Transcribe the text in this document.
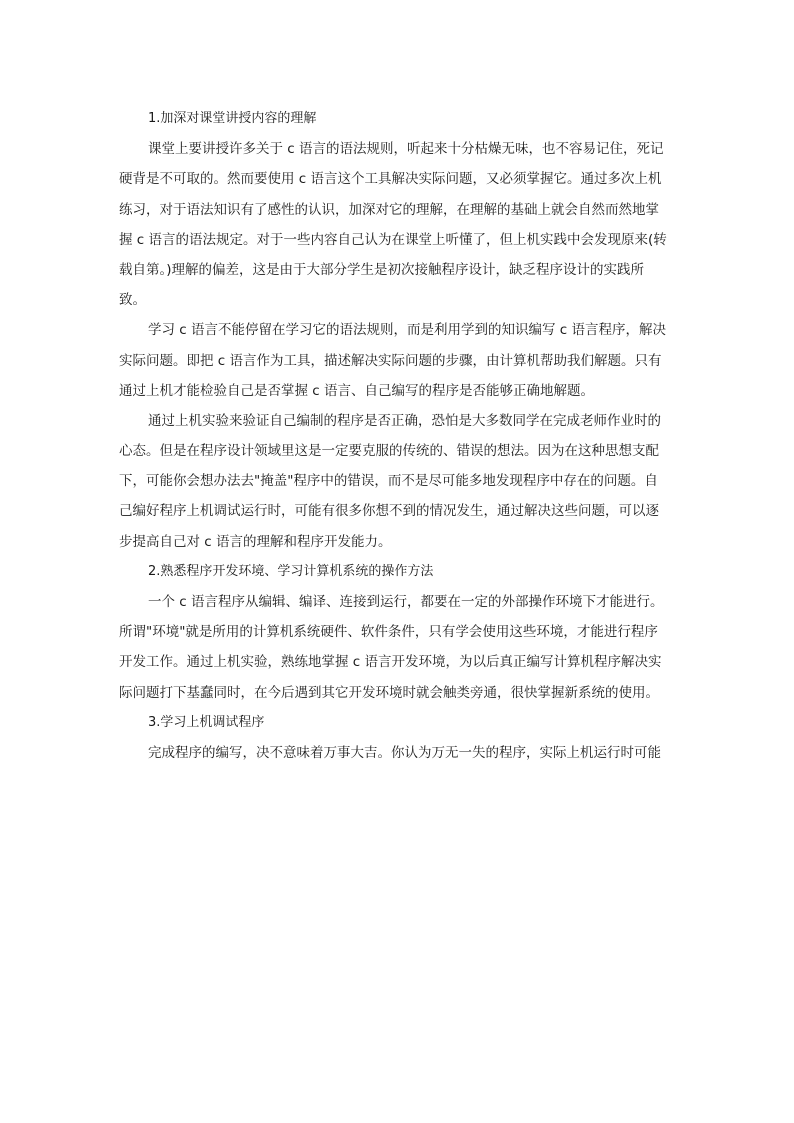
1.加深对课堂讲授内容的理解
课堂上要讲授许多关于 c 语言的语法规则，听起来十分枯燥无味，也不容易记住，死记
硬背是不可取的。然而要使用 c 语言这个工具解决实际问题，又必须掌握它。通过多次上机
练习，对于语法知识有了感性的认识，加深对它的理解，在理解的基础上就会自然而然地掌
握 c 语言的语法规定。对于一些内容自己认为在课堂上听懂了，但上机实践中会发现原来(转
载自第。)理解的偏差，这是由于大部分学生是初次接触程序设计，缺乏程序设计的实践所
致。
学习 c 语言不能停留在学习它的语法规则，而是利用学到的知识编写 c 语言程序，解决
实际问题。即把 c 语言作为工具，描述解决实际问题的步骤，由计算机帮助我们解题。只有
通过上机才能检验自己是否掌握 c 语言、自己编写的程序是否能够正确地解题。
通过上机实验来验证自己编制的程序是否正确，恐怕是大多数同学在完成老师作业时的
心态。但是在程序设计领域里这是一定要克服的传统的、错误的想法。因为在这种思想支配
下，可能你会想办法去"掩盖"程序中的错误，而不是尽可能多地发现程序中存在的问题。自
己编好程序上机调试运行时，可能有很多你想不到的情况发生，通过解决这些问题，可以逐
步提高自己对 c 语言的理解和程序开发能力。
2.熟悉程序开发环境、学习计算机系统的操作方法
一个 c 语言程序从编辑、编译、连接到运行，都要在一定的外部操作环境下才能进行。
所谓"环境"就是所用的计算机系统硬件、软件条件，只有学会使用这些环境，才能进行程序
开发工作。通过上机实验，熟练地掌握 c 语言开发环境，为以后真正编写计算机程序解决实
际问题打下基蠢同时，在今后遇到其它开发环境时就会触类旁通，很快掌握新系统的使用。
3.学习上机调试程序
完成程序的编写，决不意味着万事大吉。你认为万无一失的程序，实际上机运行时可能
